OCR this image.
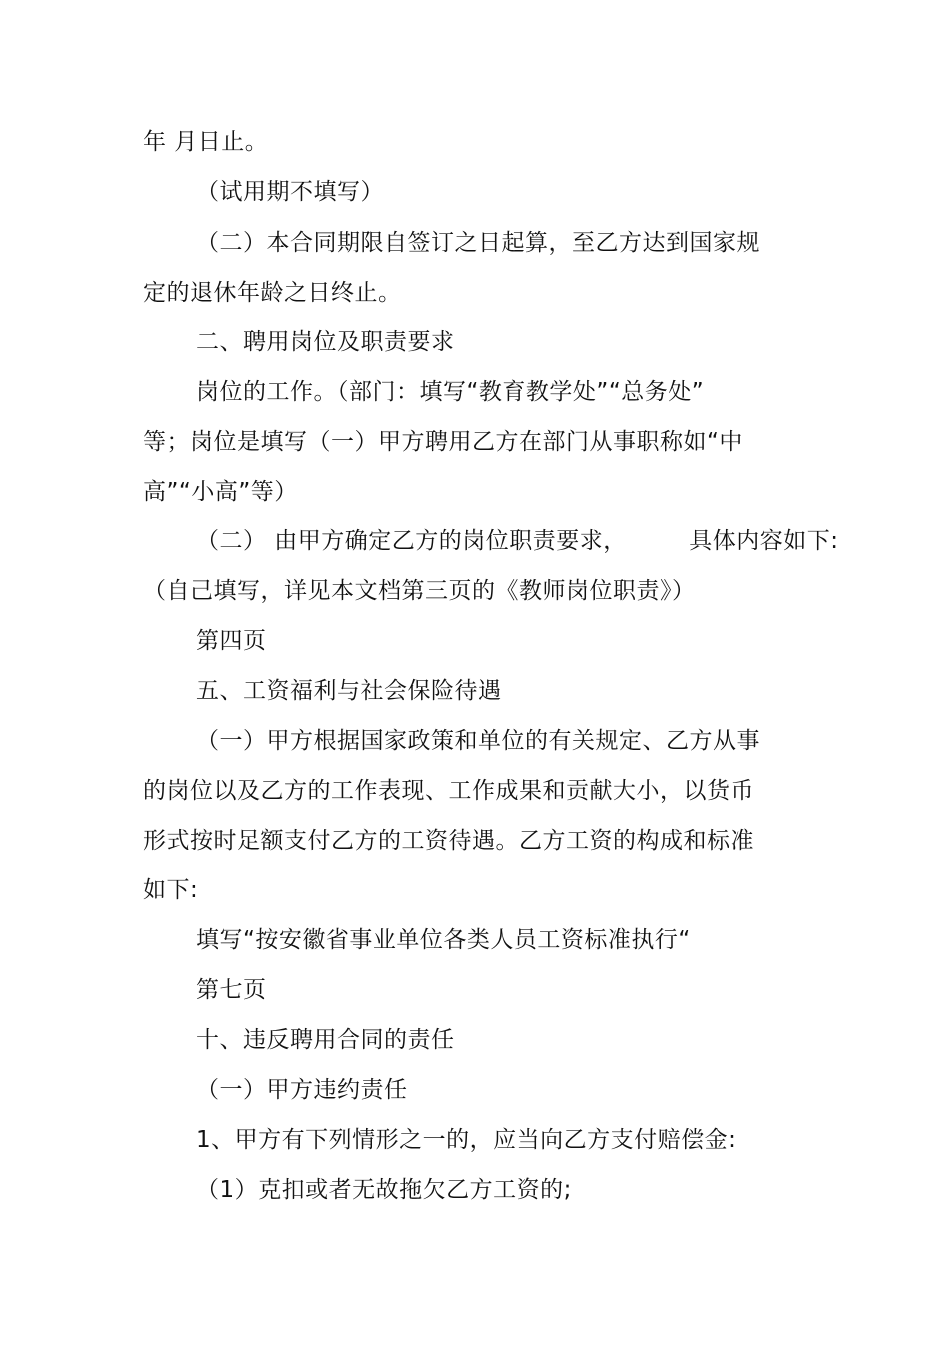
年 月日止。
（试用期不填写）
（二）本合同期限自签订之日起算，至乙方达到国家规
定的退休年龄之日终止。
二、聘用岗位及职责要求
岗位的工作。（部门：填写“教育教学处”“总务处”
等；岗位是填写（一）甲方聘用乙方在部门从事职称如“中
高”“小高”等）
（二） 由甲方确定乙方的岗位职责要求，        具体内容如下:
（自己填写，详见本文档第三页的《教师岗位职责》）
第四页
五、工资福利与社会保险待遇
（一）甲方根据国家政策和单位的有关规定、乙方从事
的岗位以及乙方的工作表现、工作成果和贡献大小，以货币
形式按时足额支付乙方的工资待遇。乙方工资的构成和标准
如下:
填写“按安徽省事业单位各类人员工资标准执行“
第七页
十、违反聘用合同的责任
（一）甲方违约责任
1、甲方有下列情形之一的，应当向乙方支付赔偿金:
（1）克扣或者无故拖欠乙方工资的;
